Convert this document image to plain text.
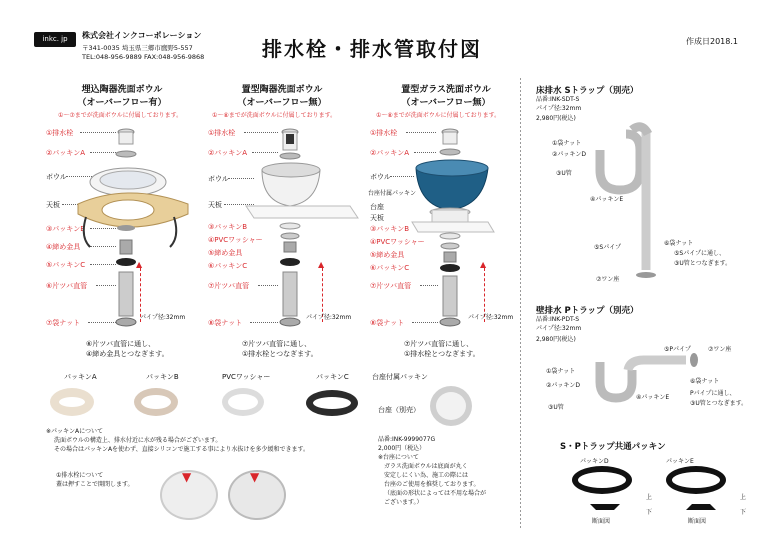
inkc. jp	株式会社インクコーポレーション
〒341-0035 埼玉県三郷市鷹野5-557
TEL:048-956-9889 FAX:048-956-9868	排水栓・排水管取付図	作成日2018.1
埋込陶器洗面ボウル
（オーバーフロー有）
①～⑦までが洗面ボウルに付属しております。
置型陶器洗面ボウル
（オーバーフロー無）
①～⑧までが洗面ボウルに付属しております。
置型ガラス洗面ボウル
（オーバーフロー無）
①～⑧までが洗面ボウルに付属しております。
①排水栓
②パッキンA
ボウル
天板
③パッキンB
④締め金具
⑤パッキンC
⑥片ツバ直管
⑦袋ナット
▲
パイプ径:32mm
⑥片ツバ直管に通し、
④締め金具とつなぎます。
①排水栓
②パッキンA
ボウル
天板
③パッキンB
④PVCワッシャー
⑤締め金具
⑥パッキンC
⑦片ツバ直管
⑧袋ナット
▲
パイプ径:32mm
⑦片ツバ直管に通し、
①排水栓とつなぎます。
①排水栓
②パッキンA
ボウル
台座付属パッキン
台座
天板
③パッキンB
④PVCワッシャー
⑤締め金具
⑥パッキンC
⑦片ツバ直管
⑧袋ナット
▲
パイプ径:32mm
⑦片ツバ直管に通し、
①排水栓とつなぎます。
パッキンA	パッキンB	PVCワッシャー	パッキンC	台座付属パッキン
台座（別売）
品番:INK-9999077G
2,000円（税込）
※台座について
ガラス洗面ボウルは底面が丸く
安定しにくい為、施工の際には
台座のご使用を推奨しております。
（底面の形状によっては不用な場合が
ございます。）
※パッキンAについて
洗面ボウルの構造上、排水付近に水が残る場合がございます。
その場合はパッキンAを使わず、直接シリコンで施工する事により水抜けを多少緩和できます。
①排水栓について
蓋は押すことで開閉します。
▼	▼
床排水 Sトラップ（別売）
品番:INK-SDT-S
パイプ径:32mm
2,980円(税込)
①袋ナット
②パッキンD
③U管
④パッキンE
⑤Sパイプ
⑥袋ナット
⑤Sパイプに通し、
③U管とつなぎます。
⑦ワン座
壁排水 Pトラップ（別売）
品番:INK-PDT-S
パイプ径:32mm
2,980円(税込)
⑤Pパイプ	⑦ワン座
①袋ナット
②パッキンD
⑥袋ナット
④パッキンE
③U管
Pパイプに通し、
③U管とつなぎます。
S・Pトラップ共通パッキン
パッキンD	パッキンE
上
下
上
下
断面図	断面図
